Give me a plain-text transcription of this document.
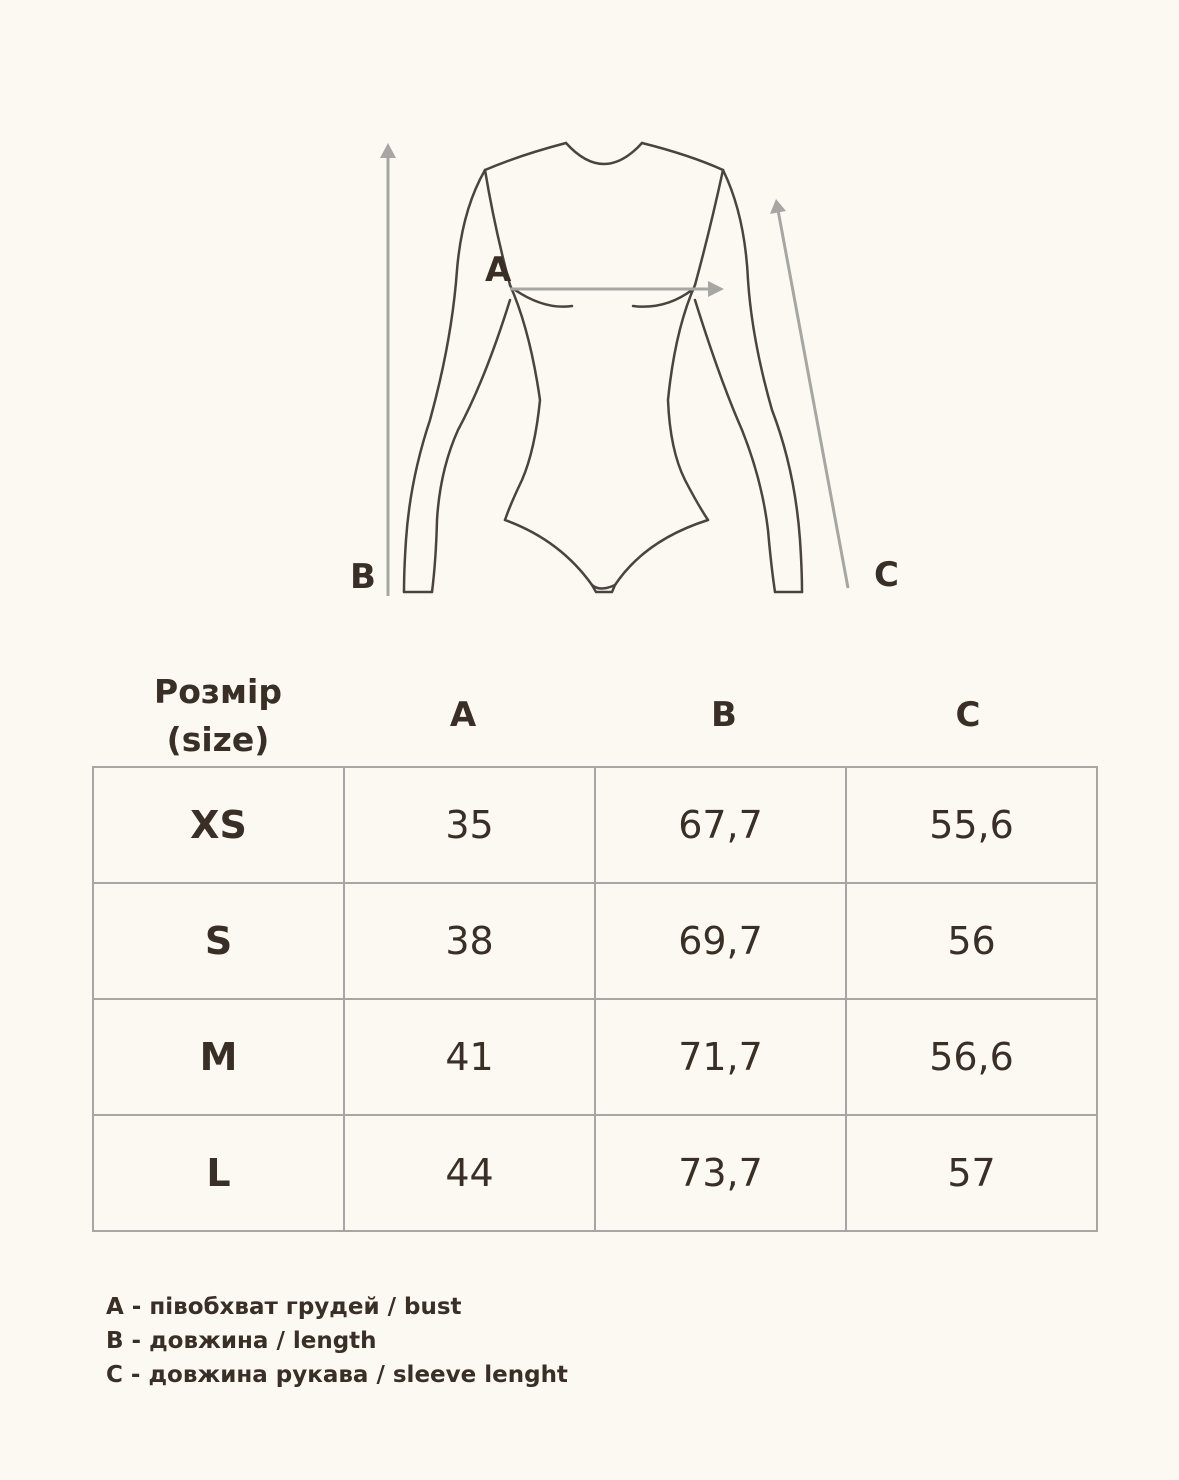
A
B	C
Розмір
(size)
A	B	C
XS	35	67,7	55,6
S	38	69,7	56
M	41	71,7	56,6
L	44	73,7	57
A - півобхват грудей / bust
B - довжина / length
C - довжина рукава / sleeve lenght
